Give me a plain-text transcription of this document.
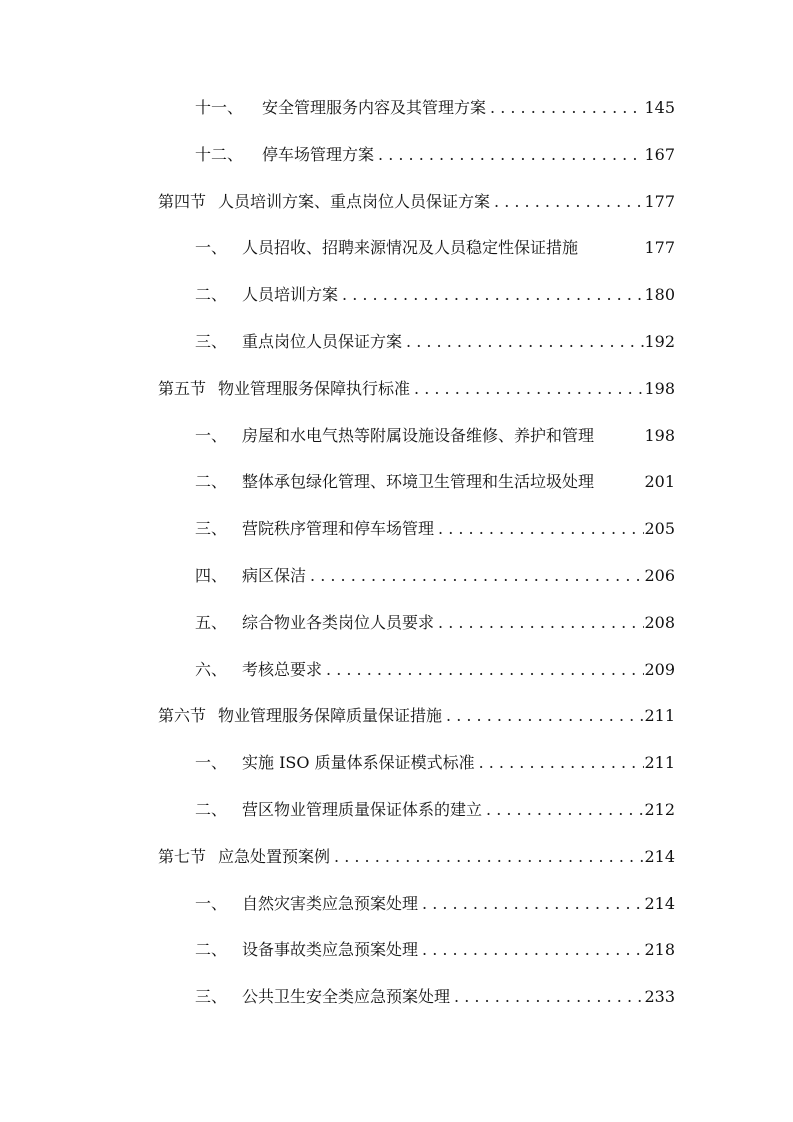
十一、	安全管理服务内容及其管理方案 . . .	145
十二、	停车场管理方案 . . .	167
第四节 人员培训方案、重点岗位人员保证方案 . . .	177
一、 人员招收、招聘来源情况及人员稳定性保证措施	177
二、 人员培训方案 . . .	180
三、 重点岗位人员保证方案 . . .	192
第五节 物业管理服务保障执行标准 . . .	198
一、 房屋和水电气热等附属设施设备维修、养护和管理	198
二、 整体承包绿化管理、环境卫生管理和生活垃圾处理	201
三、 营院秩序管理和停车场管理 . . .	205
四、 病区保洁 . . .	206
五、 综合物业各类岗位人员要求 . . .	208
六、 考核总要求 . . .	209
第六节 物业管理服务保障质量保证措施 . . .	211
一、 实施 ISO 质量体系保证模式标准 . . .	211
二、 营区物业管理质量保证体系的建立 . . .	212
第七节 应急处置预案例 . . .	214
一、 自然灾害类应急预案处理 . . .	214
二、 设备事故类应急预案处理 . . .	218
三、 公共卫生安全类应急预案处理 . . .	233
